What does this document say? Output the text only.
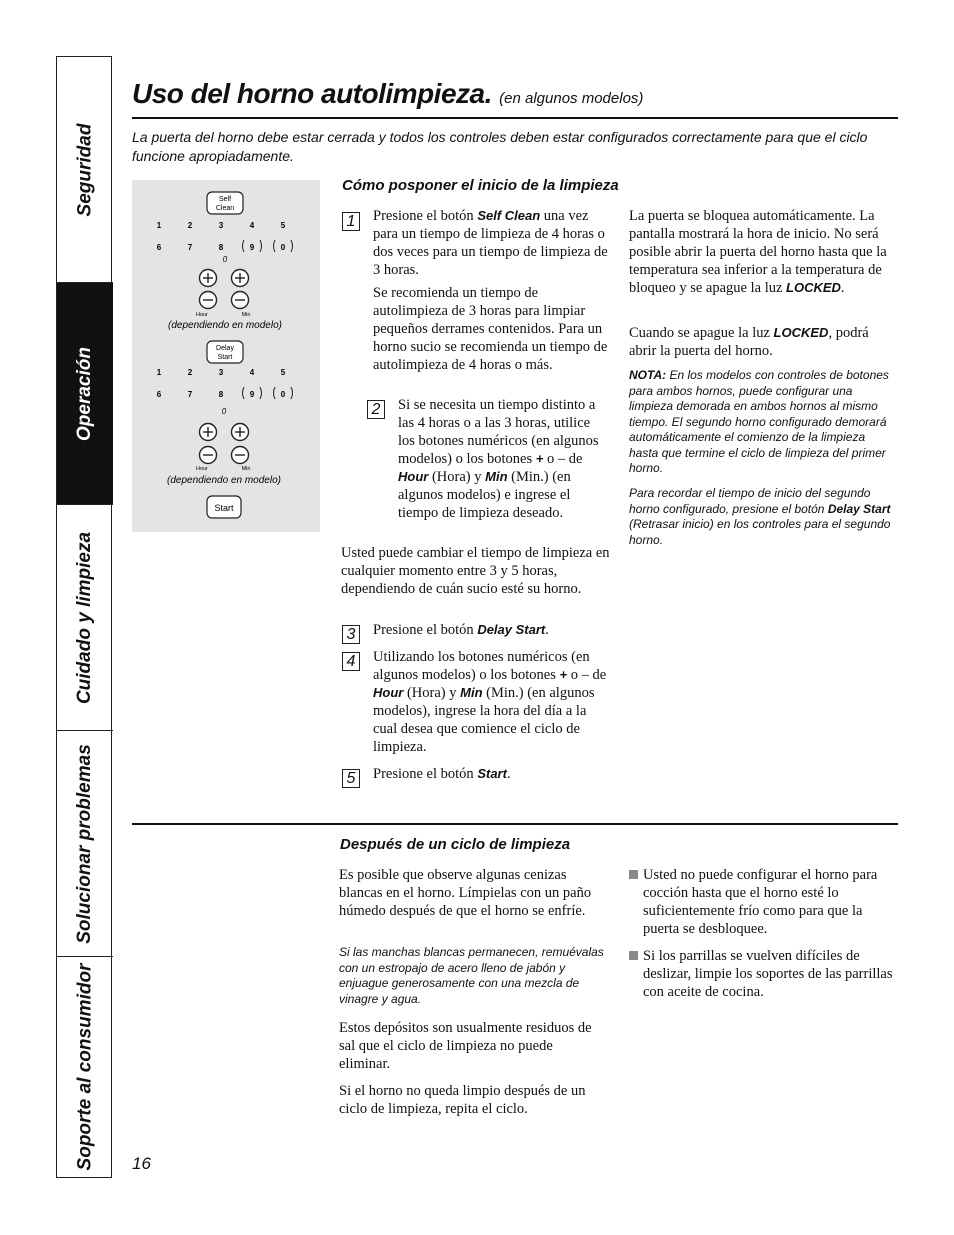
Seguridad
Operación
Cuidado y limpieza
Solucionar problemas
Soporte al consumidor
Uso del horno autolimpieza. (en algunos modelos)
La puerta del horno debe estar cerrada y todos los controles deben estar configurados correctamente para que el ciclo funcione apropiadamente.
Self
Clean
1	2	3	4	5
6	7	8	9	0
0
Hour	Min
(dependiendo en modelo)
Delay
Start
1	2	3	4	5
6	7	8	9	0
0
Hour	Min
(dependiendo en modelo)
Start
Cómo posponer el inicio de la limpieza
1	Presione el botón Self Clean una vez para un tiempo de limpieza de 4 horas o dos veces para un tiempo de limpieza de 3 horas.
Se recomienda un tiempo de autolimpieza de 3 horas para limpiar pequeños derrames contenidos. Para un horno sucio se recomienda un tiempo de autolimpieza de 4 horas o más.
2	Si se necesita un tiempo distinto a las 4 horas o a las 3 horas, utilice los botones numéricos (en algunos modelos) o los botones + o – de Hour (Hora) y Min (Min.) (en algunos modelos) e ingrese el tiempo de limpieza deseado.
Usted puede cambiar el tiempo de limpieza en cualquier momento entre 3 y 5 horas, dependiendo de cuán sucio esté su horno.
3	Presione el botón Delay Start.
4	Utilizando los botones numéricos (en algunos modelos) o los botones + o – de Hour (Hora) y Min (Min.) (en algunos modelos), ingrese la hora del día a la cual desea que comience el ciclo de limpieza.
5	Presione el botón Start.
La puerta se bloquea automáticamente. La pantalla mostrará la hora de inicio. No será posible abrir la puerta del horno hasta que la temperatura sea inferior a la temperatura de bloqueo y se apague la luz LOCKED.
Cuando se apague la luz LOCKED, podrá abrir la puerta del horno.
NOTA: En los modelos con controles de botones para ambos hornos, puede configurar una limpieza demorada en ambos hornos al mismo tiempo. El segundo horno configurado demorará automáticamente el comienzo de la limpieza hasta que termine el ciclo de limpieza del primer horno.
Para recordar el tiempo de inicio del segundo horno configurado, presione el botón Delay Start (Retrasar inicio) en los controles para el segundo horno.
Después de un ciclo de limpieza
Es posible que observe algunas cenizas blancas en el horno. Límpielas con un paño húmedo después de que el horno se enfríe.
Si las manchas blancas permanecen, remuévalas con un estropajo de acero lleno de jabón y enjuague generosamente con una mezcla de vinagre y agua.
Estos depósitos son usualmente residuos de sal que el ciclo de limpieza no puede eliminar.
Si el horno no queda limpio después de un ciclo de limpieza, repita el ciclo.
Usted no puede configurar el horno para cocción hasta que el horno esté lo suficientemente frío como para que la puerta se desbloquee.
Si los parrillas se vuelven difíciles de deslizar, limpie los soportes de las parrillas con aceite de cocina.
16
